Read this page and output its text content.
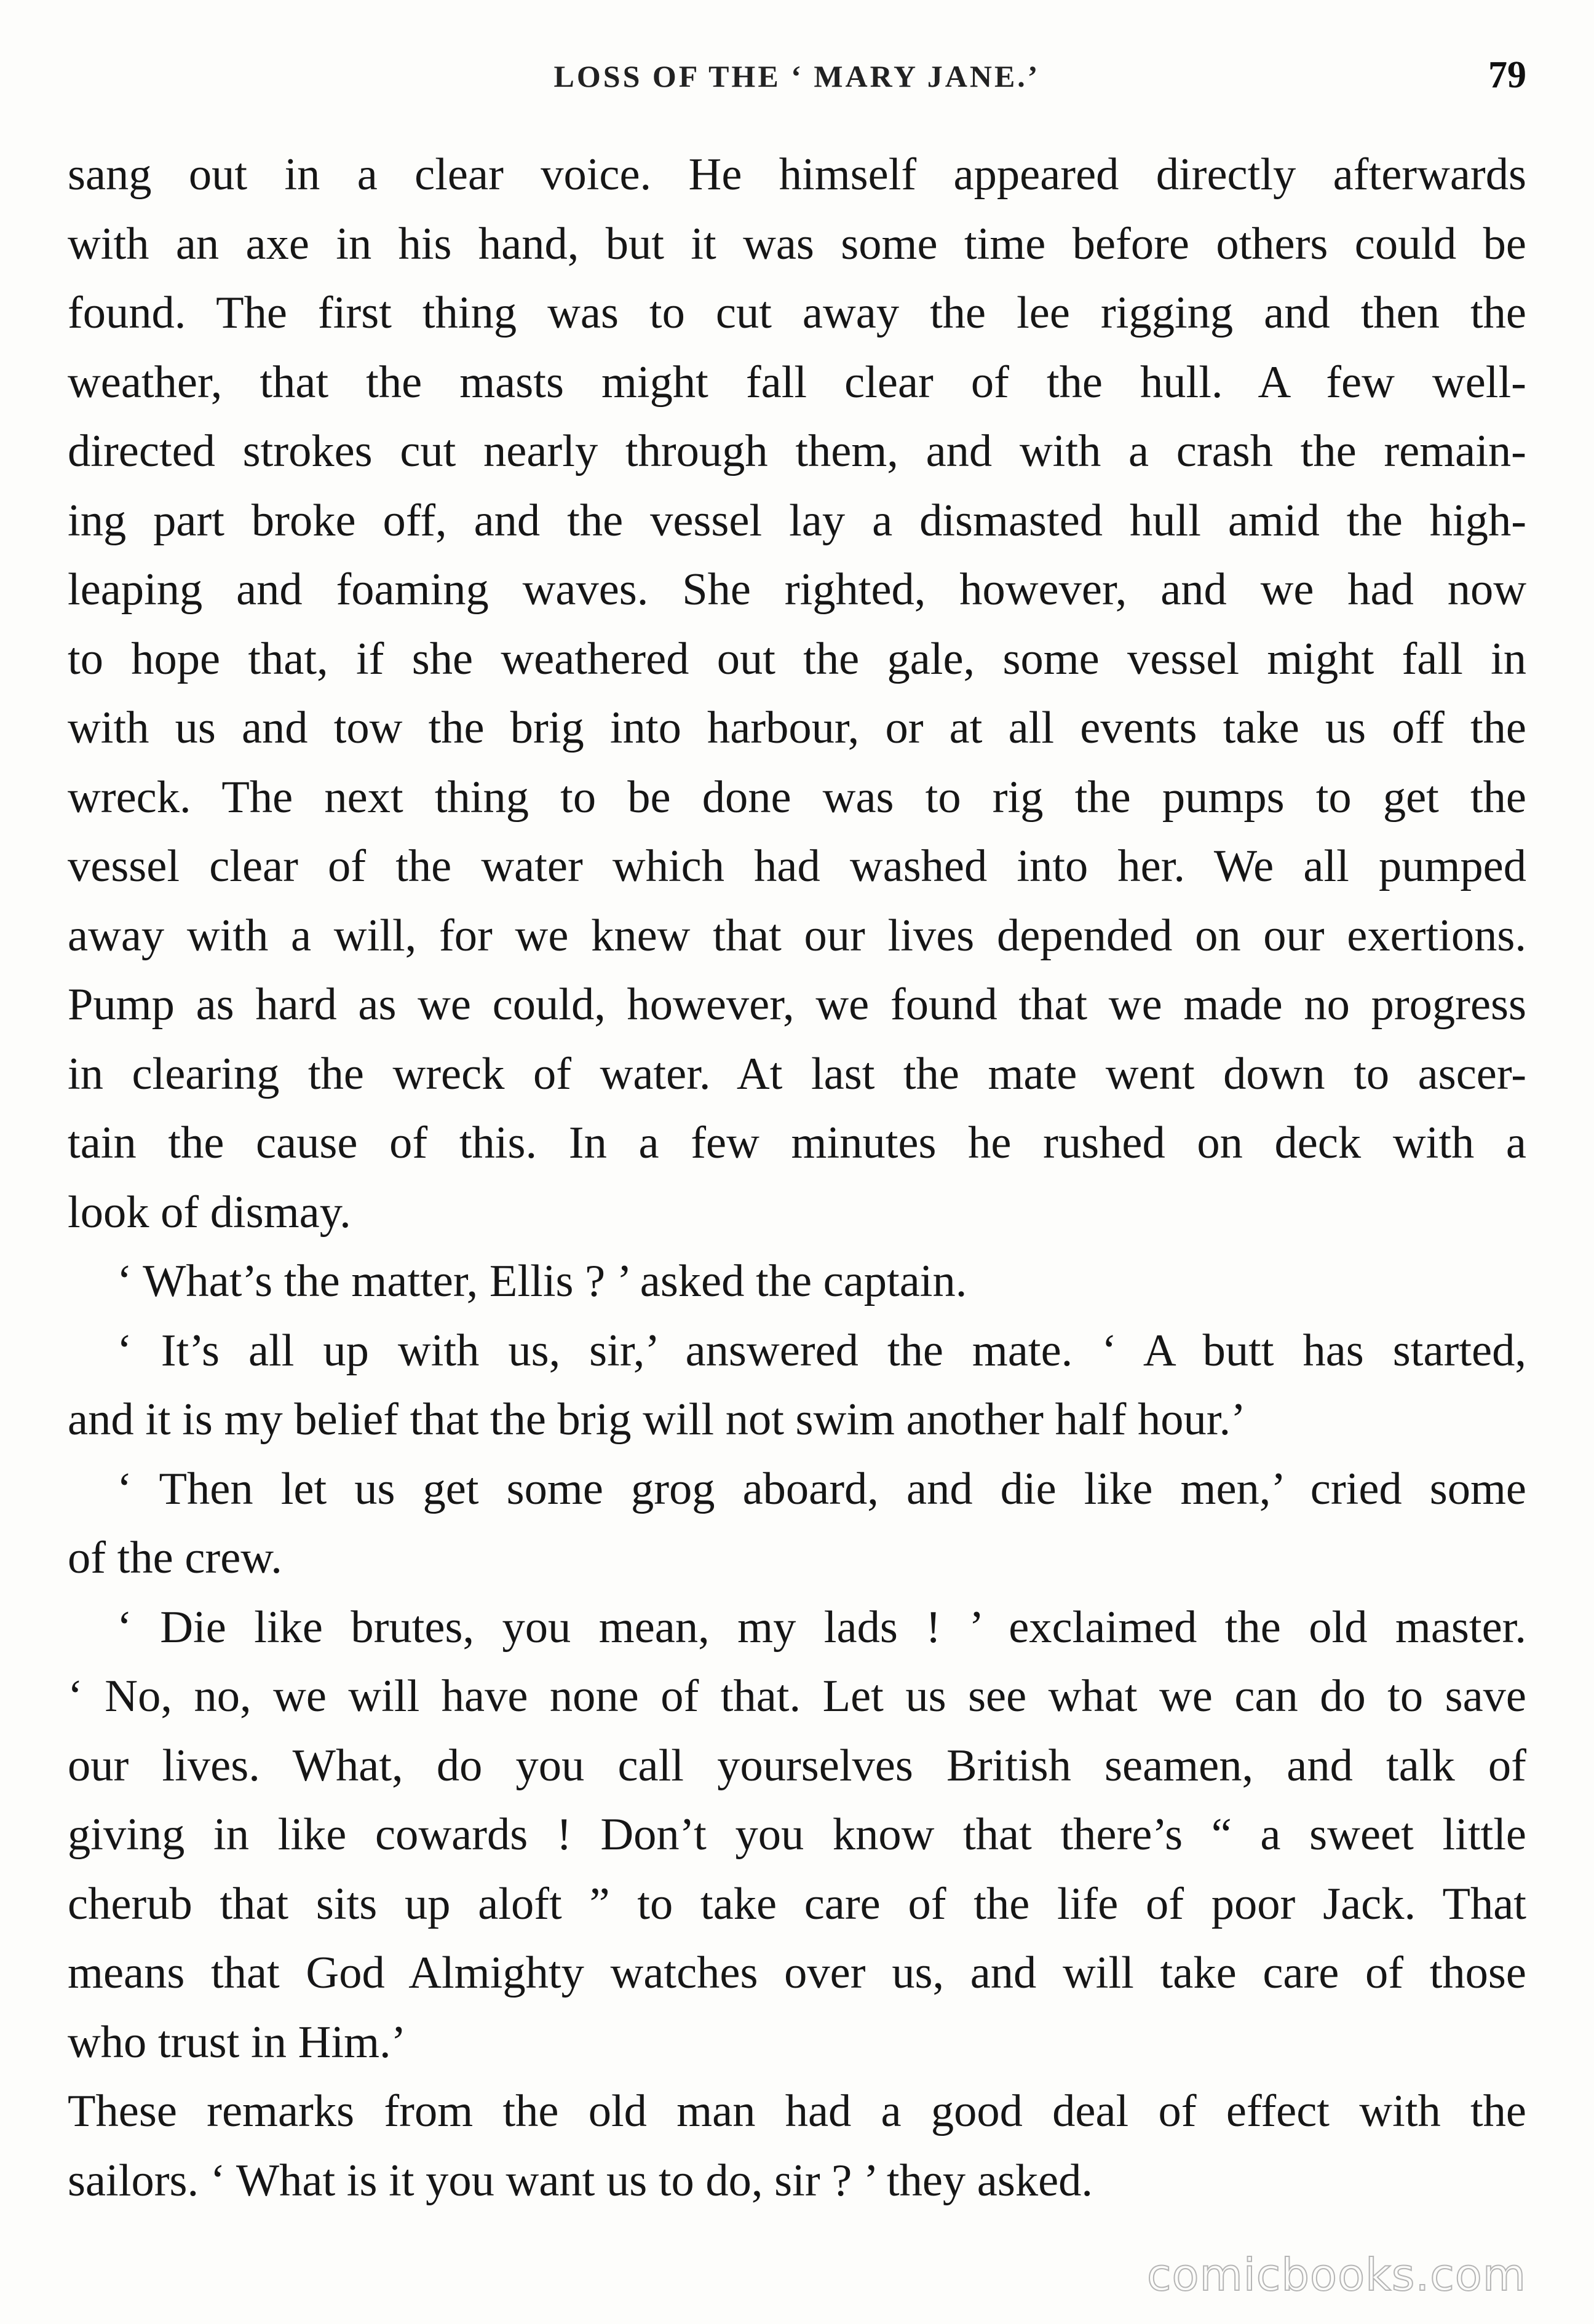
LOSS OF THE ‘ MARY JANE.’	79
sang out in a clear voice. He himself appeared directly afterwards
with an axe in his hand, but it was some time before others could be
found. The first thing was to cut away the lee rigging and then the
weather, that the masts might fall clear of the hull. A few well-
directed strokes cut nearly through them, and with a crash the remain-
ing part broke off, and the vessel lay a dismasted hull amid the high-
leaping and foaming waves. She righted, however, and we had now
to hope that, if she weathered out the gale, some vessel might fall in
with us and tow the brig into harbour, or at all events take us off the
wreck. The next thing to be done was to rig the pumps to get the
vessel clear of the water which had washed into her. We all pumped
away with a will, for we knew that our lives depended on our exertions.
Pump as hard as we could, however, we found that we made no progress
in clearing the wreck of water. At last the mate went down to ascer-
tain the cause of this. In a few minutes he rushed on deck with a
look of dismay.
‘ What’s the matter, Ellis ? ’ asked the captain.
‘ It’s all up with us, sir,’ answered the mate. ‘ A butt has started,
and it is my belief that the brig will not swim another half hour.’
‘ Then let us get some grog aboard, and die like men,’ cried some
of the crew.
‘ Die like brutes, you mean, my lads ! ’ exclaimed the old master.
‘ No, no, we will have none of that. Let us see what we can do to save
our lives. What, do you call yourselves British seamen, and talk of
giving in like cowards ! Don’t you know that there’s “ a sweet little
cherub that sits up aloft ” to take care of the life of poor Jack. That
means that God Almighty watches over us, and will take care of those
who trust in Him.’
These remarks from the old man had a good deal of effect with the
sailors. ‘ What is it you want us to do, sir ? ’ they asked.
comicbooks.com
